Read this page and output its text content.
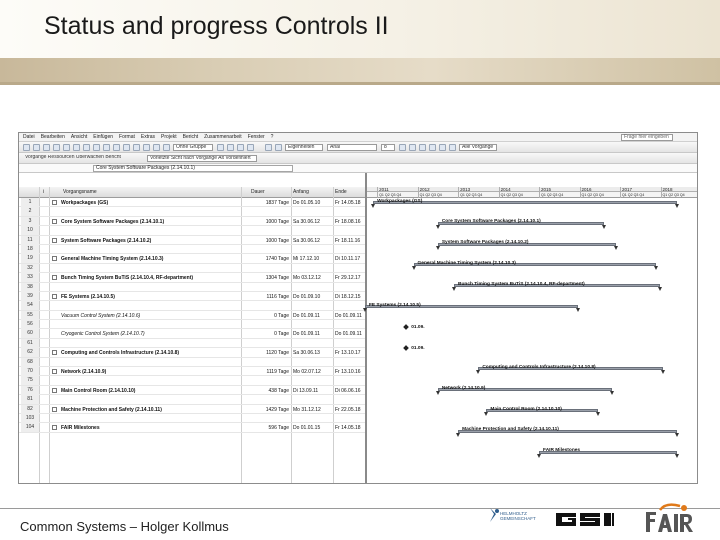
Status and progress Controls II
Frage hier eingeben
Datei Bearbeiten Ansicht Einfügen Format Extras Projekt Bericht Zusammenarbeit Fenster ?
Ohne Gruppe	Eigenheiten	Arial	8	Alle Vorgänge
Vorgänge Ressourcen Überwachen Bericht	Vorletzte Sicht nach Vorgänge Alt Vordefiniert
Core System Software Packages (2.14.10.1)
i	Vorgangsname	Dauer	Anfang	Ende
1	Workpackages (GS)	1837 Tage Do 01.05.10	Fr 14.05.18
2
3	Core System Software Packages (2.14.10.1)	1000 Tage Sa 30.06.12	Fr 18.08.16
10
11	System Software Packages (2.14.10.2)	1000 Tage Sa 30.06.12	Fr 18.11.16
18
19	General Machine Timing System (2.14.10.3)	1740 Tage Mi 17.12.10	Di 10.11.17
32
33	Bunch Timing System BuTiS (2.14.10.4, RF-department)	1304 Tage Mo 03.12.12	Fr 29.12.17
38
39	FE Systems (2.14.10.5)	1116 Tage Do 01.09.10	Di 18.12.15
54
55	Vacuum Control System (2.14.10.6)	0 Tage Do 01.09.11	Do 01.09.11
56
60	Cryogenic Control System (2.14.10.7)	0 Tage Do 01.09.11	Do 01.09.11
61
62	Computing and Controls Infrastructure (2.14.10.8)	1120 Tage Sa 30.06.13	Fr 13.10.17
68
70	Network (2.14.10.9)	1119 Tage Mo 02.07.12	Fr 13.10.16
75
76	Main Control Room (2.14.10.10)	438 Tage Di 13.09.11	Di 06.06.16
81
82	Machine Protection and Safety (2.14.10.11)	1429 Tage Mo 31.12.12	Fr 22.05.18
103
104	FAIR Milestones	596 Tage Do 01.01.15	Fr 14.05.18
2011	2012	2013	2014	2015	2016	2017	2018
Q1 Q2 Q3 Q4	Q1 Q2 Q3 Q4	Q1 Q2 Q3 Q4	Q1 Q2 Q3 Q4	Q1 Q2 Q3 Q4	Q1 Q2 Q3 Q4	Q1 Q2 Q3 Q4	Q1 Q2 Q3 Q4
Workpackages (GS)
Core System Software Packages (2.14.10.1)
System Software Packages (2.14.10.2)
General Machine Timing System (2.14.10.3)
Bunch Timing System BuTiS (2.14.10.4, RF-department)
FE Systems (2.14.10.5)
Computing and Controls Infrastructure (2.14.10.8)
Network (2.14.10.9)
Main Control Room (2.14.10.10)
Machine Protection and Safety (2.14.10.11)
FAIR Milestones
01.09.
01.09.
Common Systems – Holger Kollmus
HELMHOLTZ GEMEINSCHAFT
